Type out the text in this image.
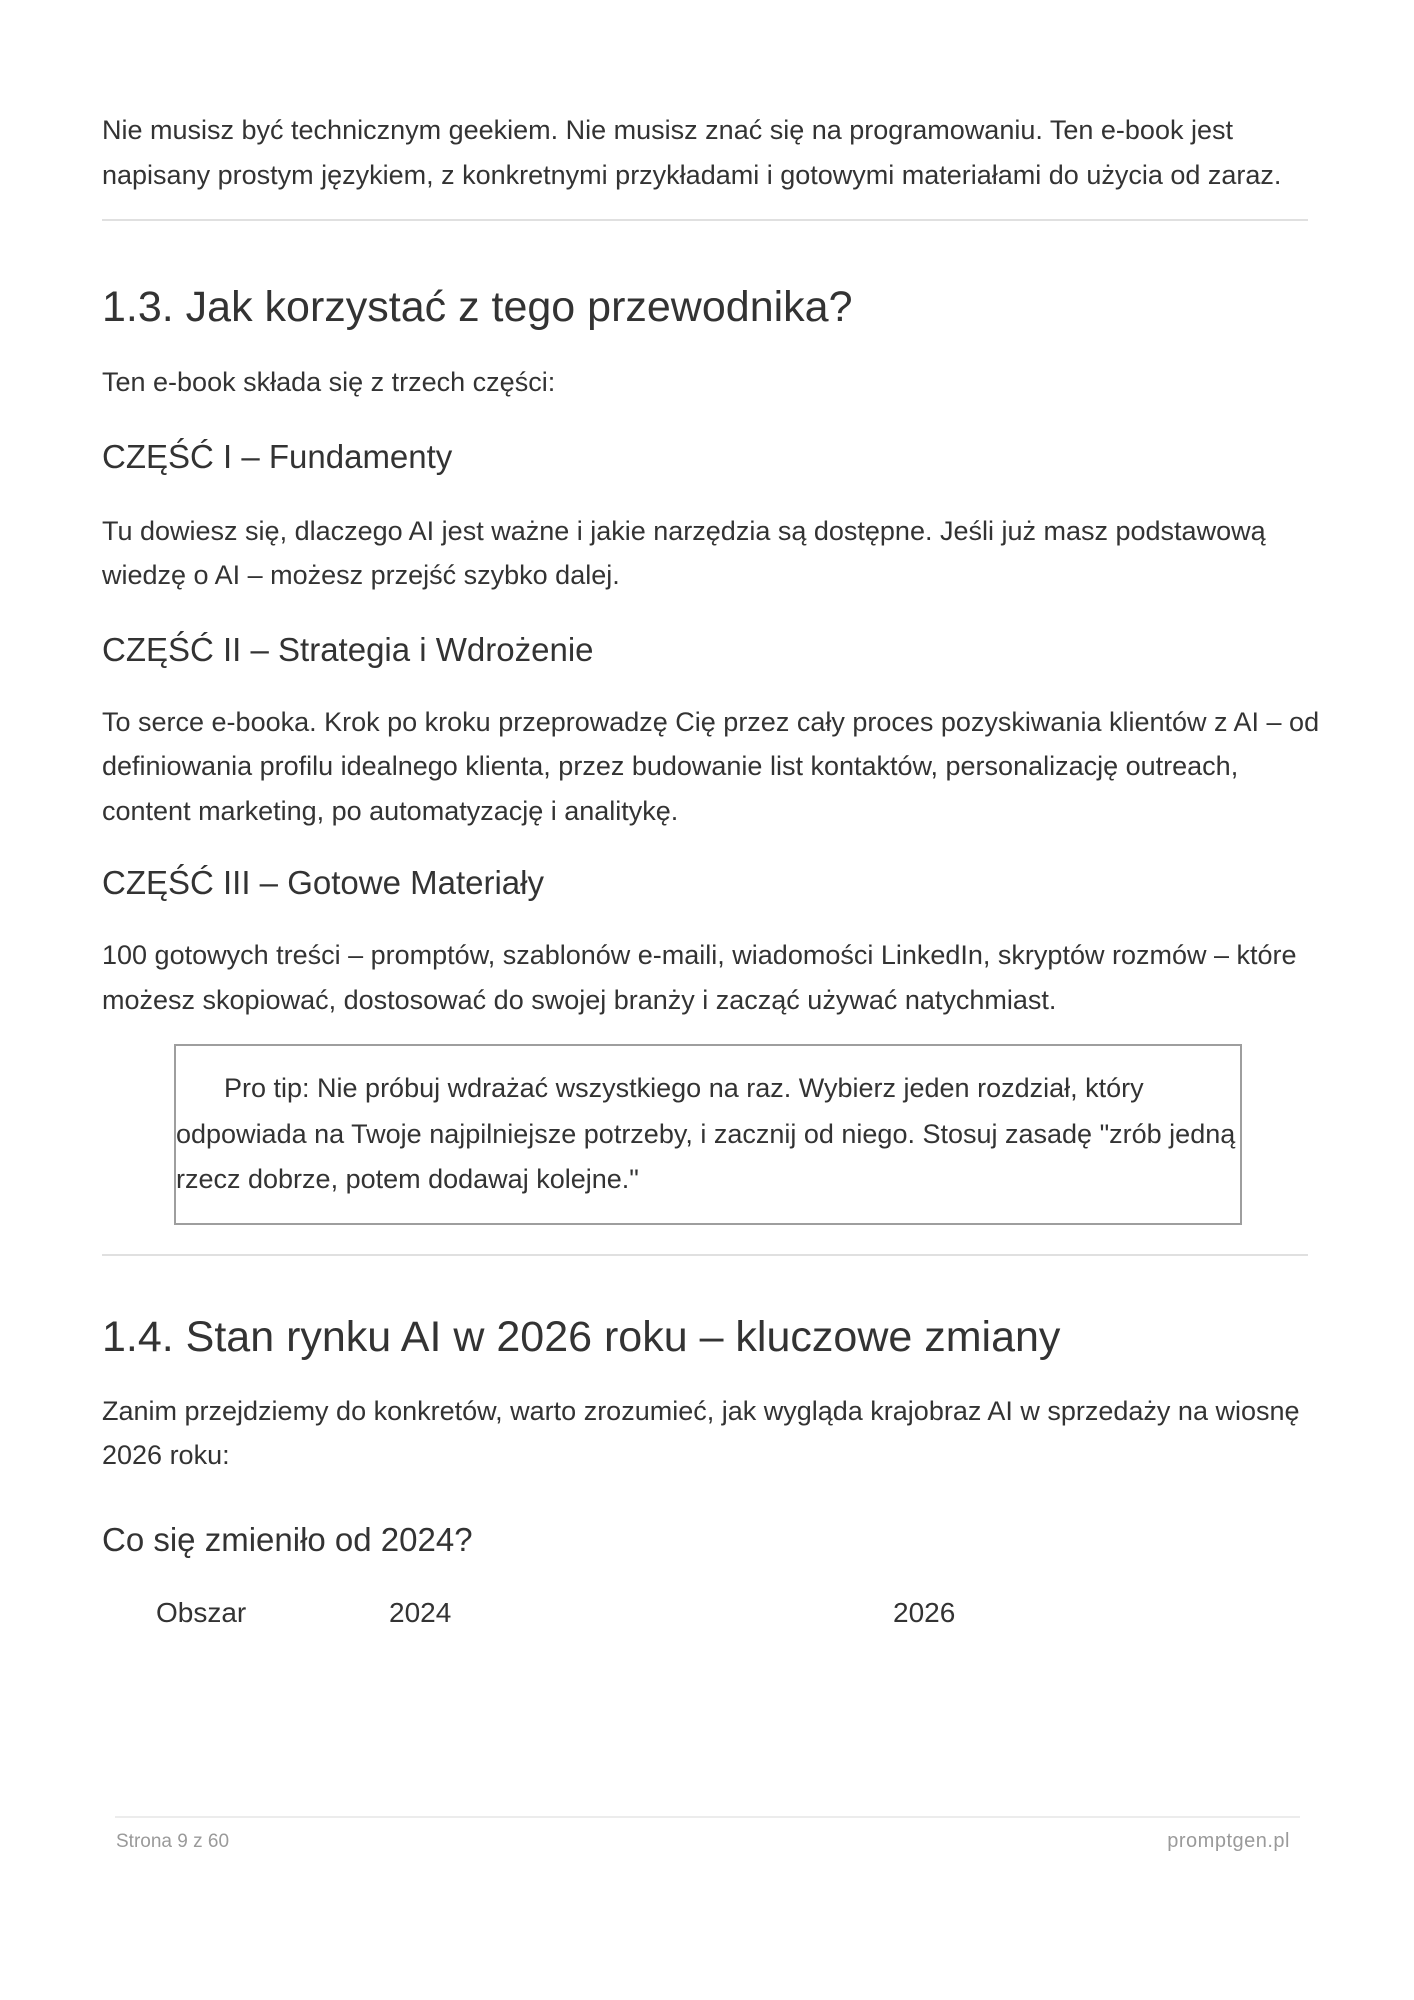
Nie musisz być technicznym geekiem. Nie musisz znać się na programowaniu. Ten e-book jest napisany prostym językiem, z konkretnymi przykładami i gotowymi materiałami do użycia od zaraz.

1.3. Jak korzystać z tego przewodnika?

Ten e-book składa się z trzech części:

CZĘŚĆ I – Fundamenty

Tu dowiesz się, dlaczego AI jest ważne i jakie narzędzia są dostępne. Jeśli już masz podstawową wiedzę o AI – możesz przejść szybko dalej.

CZĘŚĆ II – Strategia i Wdrożenie

To serce e-booka. Krok po kroku przeprowadzę Cię przez cały proces pozyskiwania klientów z AI – od definiowania profilu idealnego klienta, przez budowanie list kontaktów, personalizację outreach, content marketing, po automatyzację i analitykę.

CZĘŚĆ III – Gotowe Materiały

100 gotowych treści – promptów, szablonów e-maili, wiadomości LinkedIn, skryptów rozmów – które możesz skopiować, dostosować do swojej branży i zacząć używać natychmiast.

Pro tip: Nie próbuj wdrażać wszystkiego na raz. Wybierz jeden rozdział, który odpowiada na Twoje najpilniejsze potrzeby, i zacznij od niego. Stosuj zasadę "zrób jedną rzecz dobrze, potem dodawaj kolejne."

1.4. Stan rynku AI w 2026 roku – kluczowe zmiany

Zanim przejdziemy do konkretów, warto zrozumieć, jak wygląda krajobraz AI w sprzedaży na wiosnę 2026 roku:

Co się zmieniło od 2024?
Obszar	2024	2026
Strona 9 z 60	promptgen.pl
